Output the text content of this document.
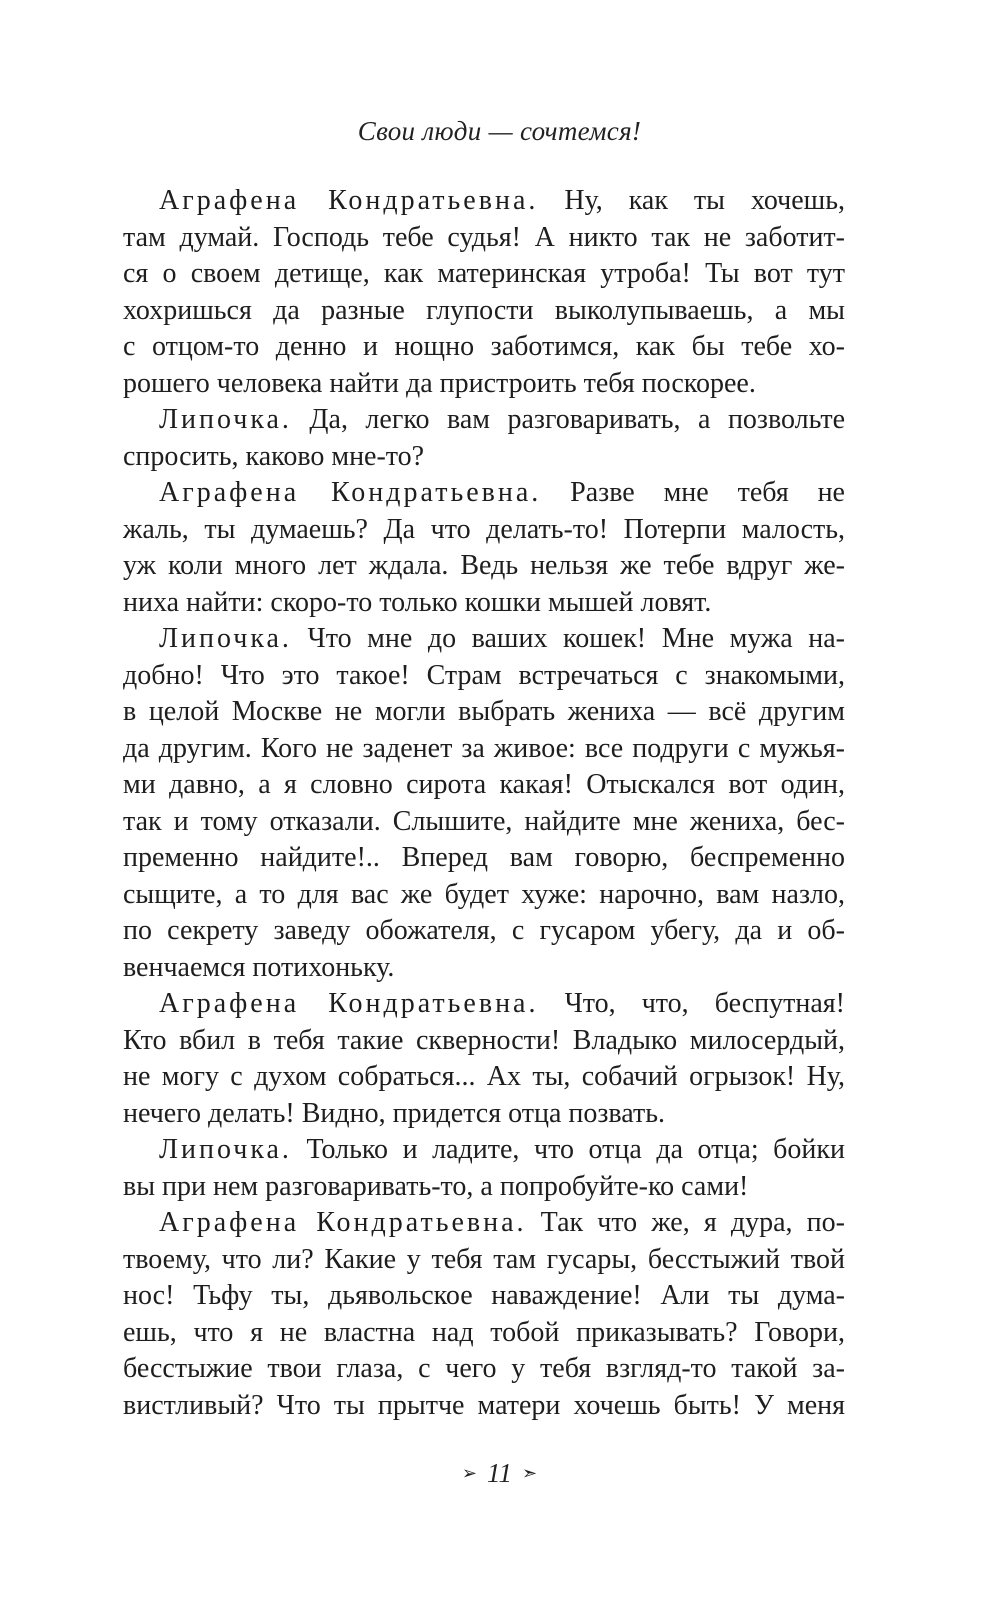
Свои люди — сочтемся!
Аграфена Кондратьевна. Ну, как ты хочешь,
там думай. Господь тебе судья! А никто так не заботит-
ся о своем детище, как материнская утроба! Ты вот тут
хохришься да разные глупости выколупываешь, а мы
с отцом-то денно и нощно заботимся, как бы тебе хо-
рошего человека найти да пристроить тебя поскорее.
Липочка. Да, легко вам разговаривать, а позвольте
спросить, каково мне-то?
Аграфена Кондратьевна. Разве мне тебя не
жаль, ты думаешь? Да что делать-то! Потерпи малость,
уж коли много лет ждала. Ведь нельзя же тебе вдруг же-
ниха найти: скоро-то только кошки мышей ловят.
Липочка. Что мне до ваших кошек! Мне мужа на-
добно! Что это такое! Страм встречаться с знакомыми,
в целой Москве не могли выбрать жениха — всё другим
да другим. Кого не заденет за живое: все подруги с мужья-
ми давно, а я словно сирота какая! Отыскался вот один,
так и тому отказали. Слышите, найдите мне жениха, бес-
пременно найдите!.. Вперед вам говорю, беспременно
сыщите, а то для вас же будет хуже: нарочно, вам назло,
по секрету заведу обожателя, с гусаром убегу, да и об-
венчаемся потихоньку.
Аграфена Кондратьевна. Что, что, беспутная!
Кто вбил в тебя такие скверности! Владыко милосердый,
не могу с духом собраться... Ах ты, собачий огрызок! Ну,
нечего делать! Видно, придется отца позвать.
Липочка. Только и ладите, что отца да отца; бойки
вы при нем разговаривать-то, а попробуйте-ко сами!
Аграфена Кондратьевна. Так что же, я дура, по-
твоему, что ли? Какие у тебя там гусары, бесстыжий твой
нос! Тьфу ты, дьявольское наваждение! Али ты дума-
ешь, что я не властна над тобой приказывать? Говори,
бесстыжие твои глаза, с чего у тебя взгляд-то такой за-
вистливый? Что ты прытче матери хочешь быть! У меня
➢ 11 ➣
